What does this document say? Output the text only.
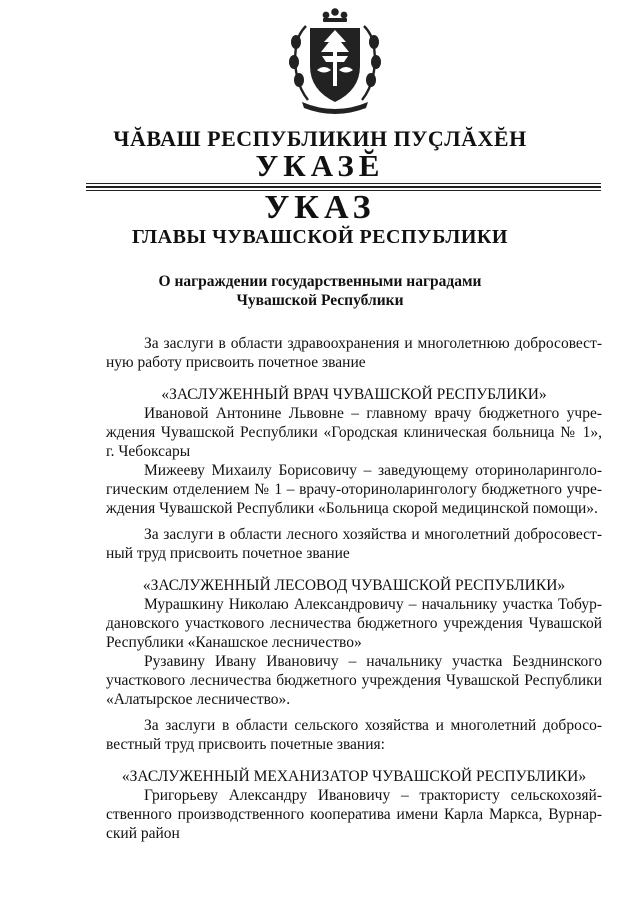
ЧĂВАШ РЕСПУБЛИКИН ПУÇЛĂХĔН
УКАЗĔ
УКАЗ
ГЛАВЫ ЧУВАШСКОЙ РЕСПУБЛИКИ
О награждении государственными наградами
Чувашской Республики
За заслуги в области здравоохранения и многолетнюю добросовест-
ную работу присвоить почетное звание
«ЗАСЛУЖЕННЫЙ ВРАЧ ЧУВАШСКОЙ РЕСПУБЛИКИ»
Ивановой Антонине Львовне – главному врачу бюджетного учре-
ждения Чувашской Республики «Городская клиническая больница № 1»,
г. Чебоксары
Мижееву Михаилу Борисовичу – заведующему оториноларинголо-
гическим отделением № 1 – врачу-оториноларингологу бюджетного учре-
ждения Чувашской Республики «Больница скорой медицинской помощи».
За заслуги в области лесного хозяйства и многолетний добросовест-
ный труд присвоить почетное звание
«ЗАСЛУЖЕННЫЙ ЛЕСОВОД ЧУВАШСКОЙ РЕСПУБЛИКИ»
Мурашкину Николаю Александровичу – начальнику участка Тобур-
дановского участкового лесничества бюджетного учреждения Чувашской
Республики «Канашское лесничество»
Рузавину Ивану Ивановичу – начальнику участка Безднинского
участкового лесничества бюджетного учреждения Чувашской Республики
«Алатырское лесничество».
За заслуги в области сельского хозяйства и многолетний добросо-
вестный труд присвоить почетные звания:
«ЗАСЛУЖЕННЫЙ МЕХАНИЗАТОР ЧУВАШСКОЙ РЕСПУБЛИКИ»
Григорьеву Александру Ивановичу – трактористу сельскохозяй-
ственного производственного кооператива имени Карла Маркса, Вурнар-
ский район
